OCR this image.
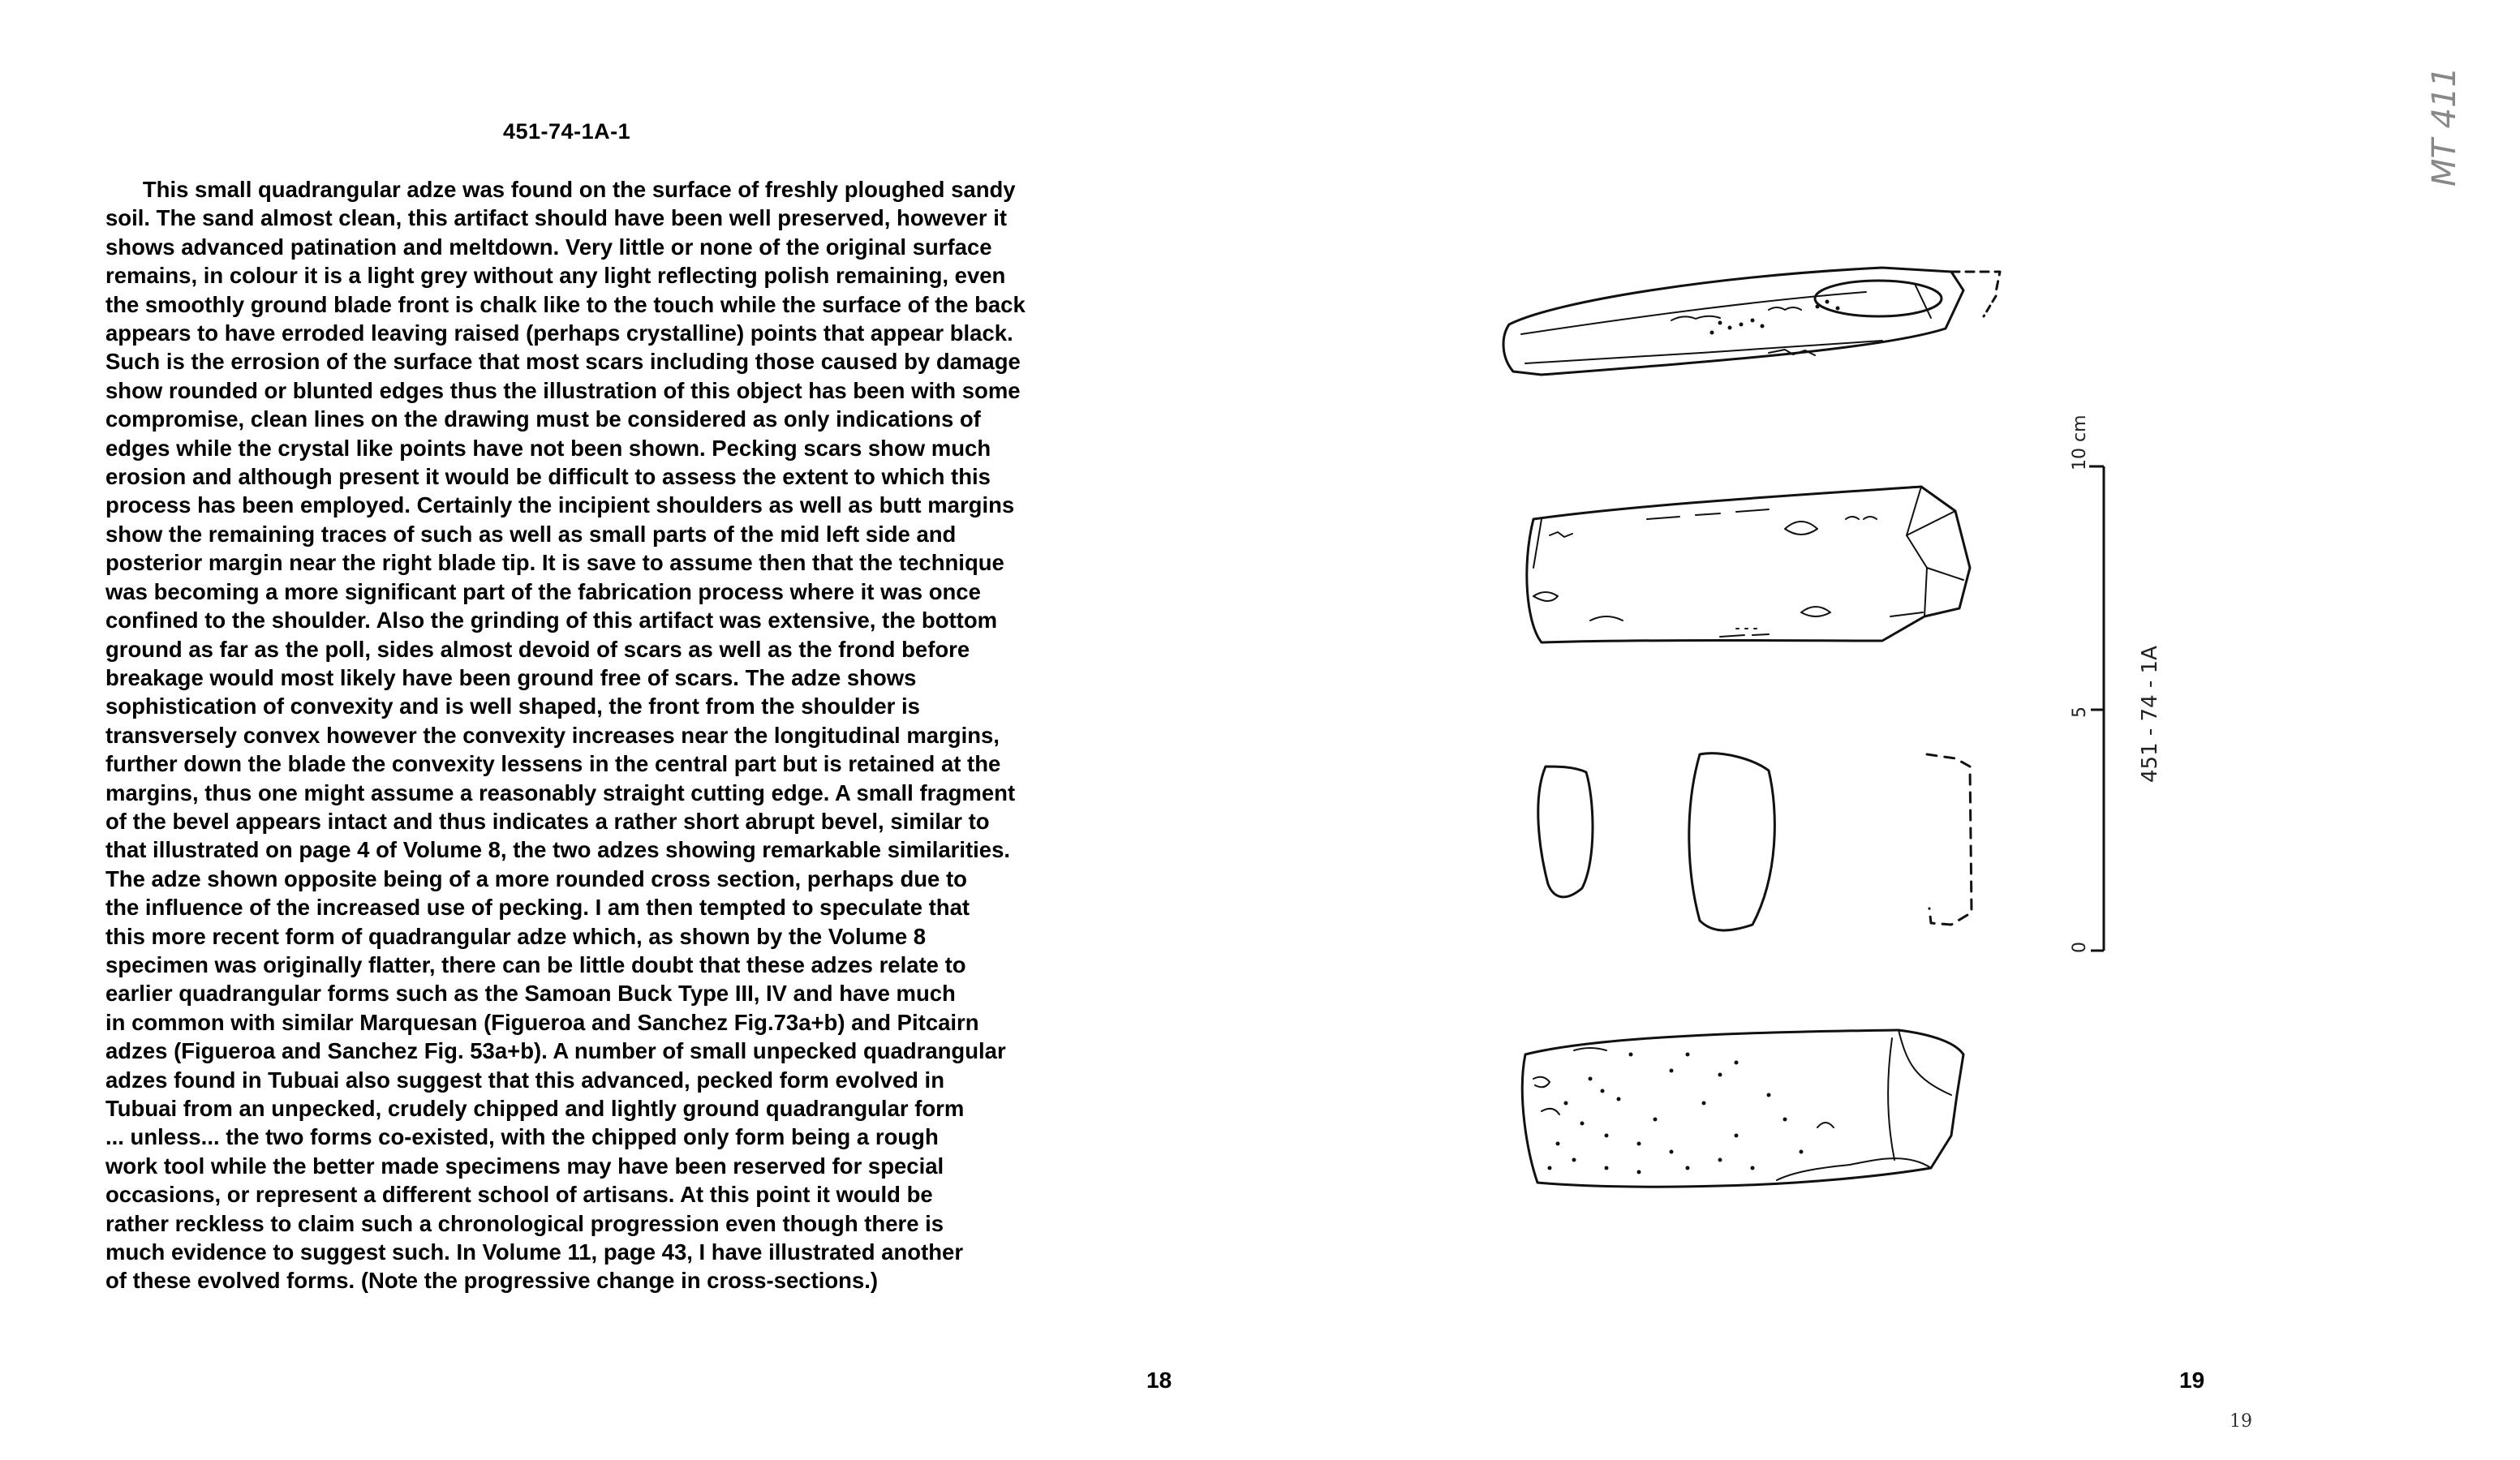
451-74-1A-1

This small quadrangular adze was found on the surface of freshly ploughed sandy

soil. The sand almost clean, this artifact should have been well preserved, however it

shows advanced patination and meltdown. Very little or none of the original surface

remains, in colour it is a light grey without any light reflecting polish remaining, even

the smoothly ground blade front is chalk like to the touch while the surface of the back

appears to have erroded leaving raised (perhaps crystalline) points that appear black.

Such is the errosion of the surface that most scars including those caused by damage

show rounded or blunted edges thus the illustration of this object has been with some

compromise, clean lines on the drawing must be considered as only indications of

edges while the crystal like points have not been shown. Pecking scars show much

erosion and although present it would be difficult to assess the extent to which this

process has been employed. Certainly the incipient shoulders as well as butt margins

show the remaining traces of such as well as small parts of the mid left side and

posterior margin near the right blade tip. It is save to assume then that the technique

was becoming a more significant part of the fabrication process where it was once

confined to the shoulder. Also the grinding of this artifact was extensive, the bottom

ground as far as the poll, sides almost devoid of scars as well as the frond before

breakage would most likely have been ground free of scars. The adze shows

sophistication of convexity and is well shaped, the front from the shoulder is

transversely convex however the convexity increases near the longitudinal margins,

further down the blade the convexity lessens in the central part but is retained at the

margins, thus one might assume a reasonably straight cutting edge. A small fragment

of the bevel appears intact and thus indicates a rather short abrupt bevel, similar to

that illustrated on page 4 of Volume 8, the two adzes showing remarkable similarities.

The adze shown opposite being of a more rounded cross section, perhaps due to

the influence of the increased use of pecking. I am then tempted to speculate that

this more recent form of quadrangular adze which, as shown by the Volume 8

specimen was originally flatter, there can be little doubt that these adzes relate to

earlier quadrangular forms such as the Samoan Buck Type III, IV and have much

in common with similar Marquesan (Figueroa and Sanchez Fig.73a+b) and Pitcairn

adzes (Figueroa and Sanchez Fig. 53a+b). A number of small unpecked quadrangular

adzes found in Tubuai also suggest that this advanced, pecked form evolved in

Tubuai from an unpecked, crudely chipped and lightly ground quadrangular form

... unless... the two forms co-existed, with the chipped only form being a rough

work tool while the better made specimens may have been reserved for special

occasions, or represent a different school of artisans. At this point it would be

rather reckless to claim such a chronological progression even though there is

much evidence to suggest such. In Volume 11, page 43, I have illustrated another

of these evolved forms. (Note the progressive change in cross-sections.)

18
MT 411
0
5
10 cm
451 - 74 - 1A
19
19
